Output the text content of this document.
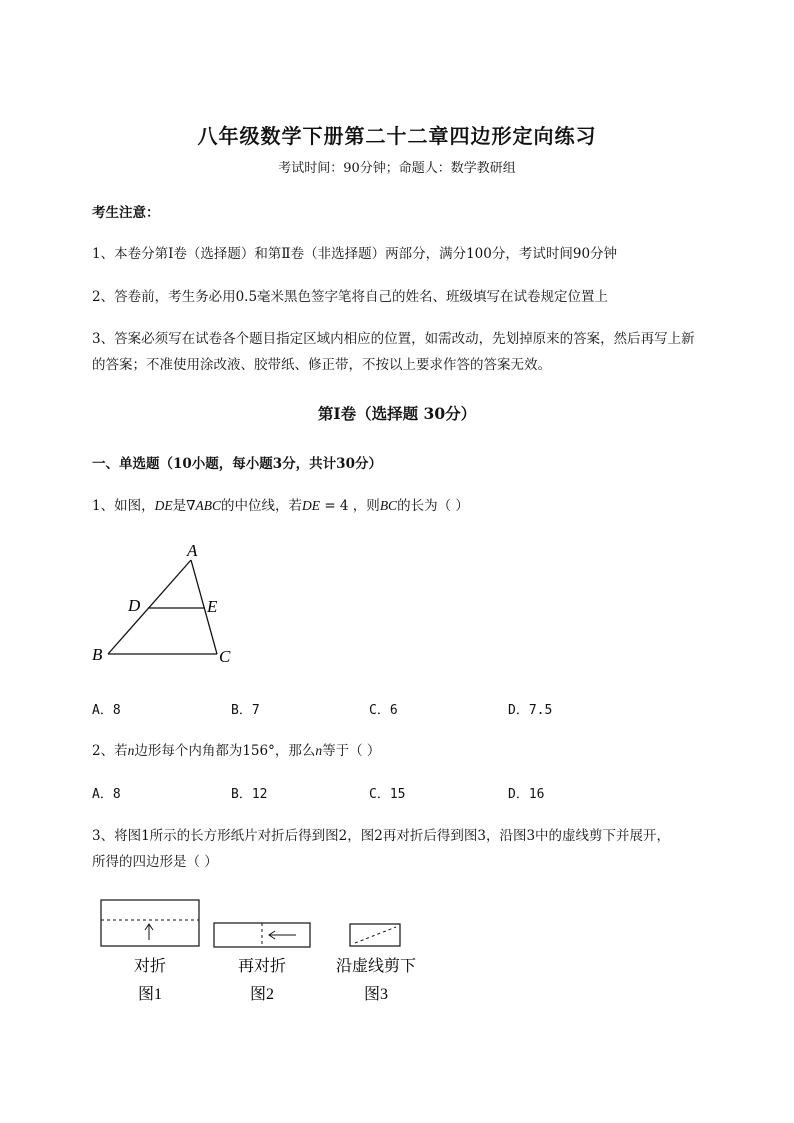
八年级数学下册第二十二章四边形定向练习
考试时间：90分钟；命题人：数学教研组
考生注意：
1、本卷分第I卷（选择题）和第Ⅱ卷（非选择题）两部分，满分100分，考试时间90分钟
2、答卷前，考生务必用0.5毫米黑色签字笔将自己的姓名、班级填写在试卷规定位置上
3、答案必须写在试卷各个题目指定区域内相应的位置，如需改动，先划掉原来的答案，然后再写上新
的答案；不准使用涂改液、胶带纸、修正带，不按以上要求作答的答案无效。
第I卷（选择题 30分）
一、单选题（10小题，每小题3分，共计30分）
1、如图，DE是∇ABC的中位线，若DE = 4 ，则BC的长为（ ）
A
D	E
B	C
A．8	B．7	C．6	D．7.5
2、若n边形每个内角都为156°，那么n等于（ ）
A．8	B．12	C．15	D．16
3、将图1所示的长方形纸片对折后得到图2，图2再对折后得到图3，沿图3中的虚线剪下并展开，
所得的四边形是（ ）
对折
图1
再对折
图2
沿虚线剪下
图3
